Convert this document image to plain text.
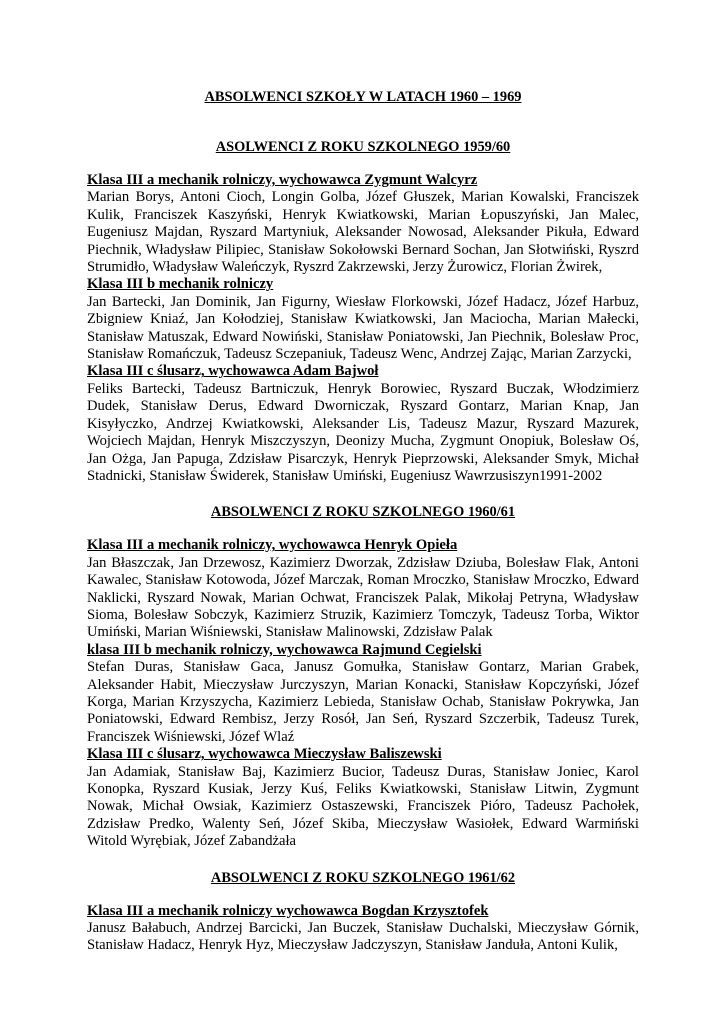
ABSOLWENCI SZKOŁY W LATACH 1960 – 1969
ASOLWENCI Z ROKU SZKOLNEGO 1959/60

Klasa III a mechanik rolniczy, wychowawca Zygmunt Walcyrz

Marian Borys, Antoni Cioch, Longin Golba, Józef Głuszek, Marian Kowalski, Franciszek Kulik, Franciszek Kaszyński, Henryk Kwiatkowski, Marian Łopuszyński, Jan Malec, Eugeniusz Majdan, Ryszard Martyniuk, Aleksander Nowosad, Aleksander Pikuła, Edward Piechnik, Władysław Pilipiec, Stanisław Sokołowski Bernard Sochan, Jan Słotwiński, Ryszrd Strumidło, Władysław Waleńczyk, Ryszrd Zakrzewski, Jerzy Żurowicz, Florian Żwirek,

Klasa III b mechanik rolniczy

Jan Bartecki, Jan Dominik, Jan Figurny, Wiesław Florkowski, Józef Hadacz, Józef Harbuz, Zbigniew Kniaź, Jan Kołodziej, Stanisław Kwiatkowski, Jan Maciocha, Marian Małecki, Stanisław Matuszak, Edward Nowiński, Stanisław Poniatowski, Jan Piechnik, Bolesław Proc, Stanisław Romańczuk, Tadeusz Sczepaniuk, Tadeusz Wenc, Andrzej Zając, Marian Zarzycki,

Klasa III c ślusarz, wychowawca Adam Bajwoł

Feliks Bartecki, Tadeusz Bartniczuk, Henryk Borowiec, Ryszard Buczak, Włodzimierz Dudek, Stanisław Derus, Edward Dworniczak, Ryszard Gontarz, Marian Knap, Jan Kisyłyczko, Andrzej Kwiatkowski, Aleksander Lis, Tadeusz Mazur, Ryszard Mazurek, Wojciech Majdan, Henryk Miszczyszyn, Deonizy Mucha, Zygmunt Onopiuk, Bolesław Oś, Jan Ożga, Jan Papuga, Zdzisław Pisarczyk, Henryk Pieprzowski, Aleksander Smyk, Michał Stadnicki, Stanisław Świderek, Stanisław Umiński, Eugeniusz Wawrzusiszyn1991-2002

ABSOLWENCI Z ROKU SZKOLNEGO 1960/61

Klasa III a mechanik rolniczy, wychowawca Henryk Opieła

Jan Błaszczak, Jan Drzewosz, Kazimierz Dworzak, Zdzisław Dziuba, Bolesław Flak, Antoni Kawalec, Stanisław Kotowoda, Józef Marczak, Roman Mroczko, Stanisław Mroczko, Edward Naklicki, Ryszard Nowak, Marian Ochwat, Franciszek Palak, Mikołaj Petryna, Władysław Sioma, Bolesław Sobczyk, Kazimierz Struzik, Kazimierz Tomczyk, Tadeusz Torba, Wiktor Umiński, Marian Wiśniewski, Stanisław Malinowski, Zdzisław Palak

klasa III b mechanik rolniczy, wychowawca Rajmund Cegielski

Stefan Duras, Stanisław Gaca, Janusz Gomułka, Stanisław Gontarz, Marian Grabek, Aleksander Habit, Mieczysław Jurczyszyn, Marian Konacki, Stanisław Kopczyński, Józef Korga, Marian Krzyszycha, Kazimierz Lebieda, Stanisław Ochab, Stanisław Pokrywka, Jan Poniatowski, Edward Rembisz, Jerzy Rosół, Jan Seń, Ryszard Szczerbik, Tadeusz Turek, Franciszek Wiśniewski, Józef Wlaź

Klasa III c ślusarz, wychowawca Mieczysław Baliszewski

Jan Adamiak, Stanisław Baj, Kazimierz Bucior, Tadeusz Duras, Stanisław Joniec, Karol Konopka, Ryszard Kusiak, Jerzy Kuś, Feliks Kwiatkowski, Stanisław Litwin, Zygmunt Nowak, Michał Owsiak, Kazimierz Ostaszewski, Franciszek Pióro, Tadeusz Pachołek, Zdzisław Predko, Walenty Seń, Józef Skiba, Mieczysław Wasiołek, Edward Warmiński Witold Wyrębiak, Józef Zabandżała

ABSOLWENCI Z ROKU SZKOLNEGO 1961/62

Klasa III a mechanik rolniczy wychowawca Bogdan Krzysztofek

Janusz Bałabuch, Andrzej Barcicki, Jan Buczek, Stanisław Duchalski, Mieczysław Górnik, Stanisław Hadacz, Henryk Hyz, Mieczysław Jadczyszyn, Stanisław Janduła, Antoni Kulik,
